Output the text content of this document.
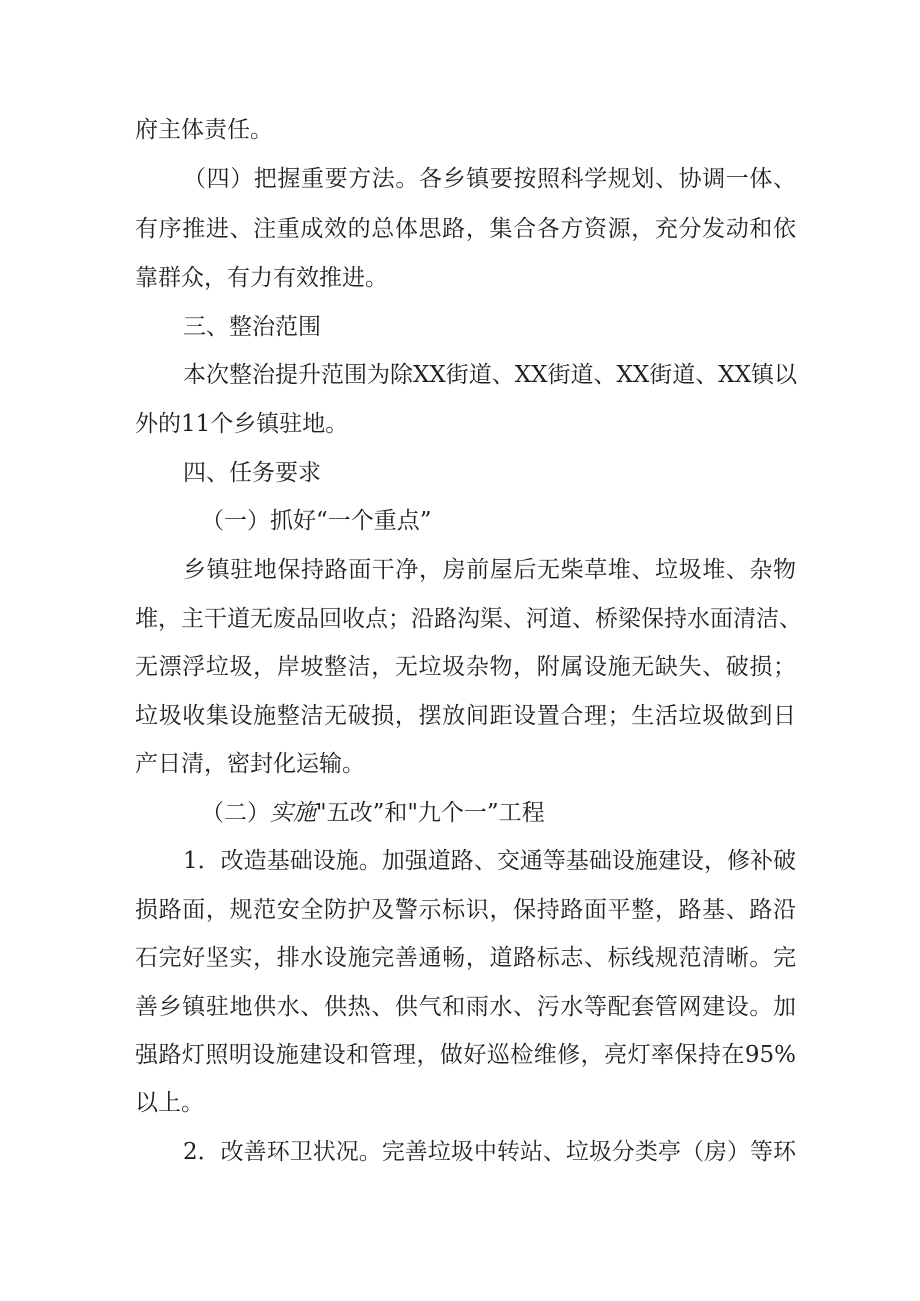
府主体责任。

（四）把握重要方法。各乡镇要按照科学规划、协调一体、

有序推进、注重成效的总体思路，集合各方资源，充分发动和依

靠群众，有力有效推进。

三、整治范围

本次整治提升范围为除XX街道、XX街道、XX街道、XX镇以

外的11个乡镇驻地。

四、任务要求

（一）抓好“一个重点”

乡镇驻地保持路面干净，房前屋后无柴草堆、垃圾堆、杂物

堆，主干道无废品回收点；沿路沟渠、河道、桥梁保持水面清洁、

无漂浮垃圾，岸坡整洁，无垃圾杂物，附属设施无缺失、破损；

垃圾收集设施整洁无破损，摆放间距设置合理；生活垃圾做到日

产日清，密封化运输。

（二）实施"五改”和"九个一”工程

1．改造基础设施。加强道路、交通等基础设施建设，修补破

损路面，规范安全防护及警示标识，保持路面平整，路基、路沿

石完好坚实，排水设施完善通畅，道路标志、标线规范清晰。完

善乡镇驻地供水、供热、供气和雨水、污水等配套管网建设。加

强路灯照明设施建设和管理，做好巡检维修，亮灯率保持在95%

以上。

2．改善环卫状况。完善垃圾中转站、垃圾分类亭（房）等环
